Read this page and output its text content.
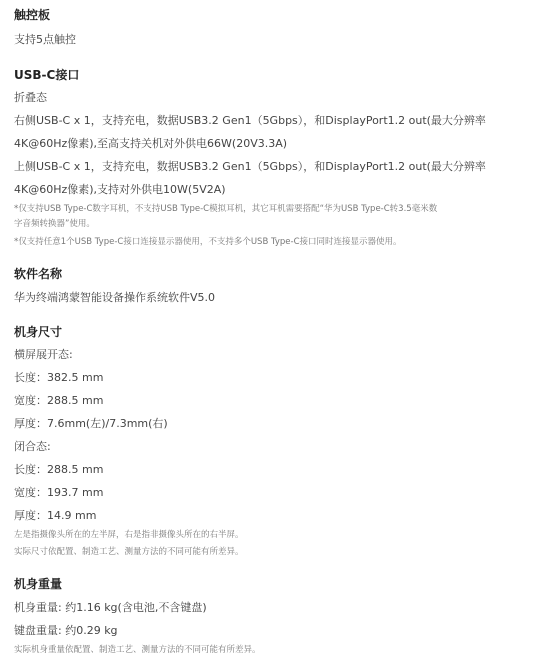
触控板
支持5点触控
USB-C接口
折叠态
右侧USB-C x 1，支持充电，数据USB3.2 Gen1（5Gbps），和DisplayPort1.2 out(最大分辨率
4K@60Hz像素),至高支持关机对外供电66W(20V3.3A)
上侧USB-C x 1，支持充电，数据USB3.2 Gen1（5Gbps），和DisplayPort1.2 out(最大分辨率
4K@60Hz像素),支持对外供电10W(5V2A)
*仅支持USB Type-C数字耳机，不支持USB Type-C模拟耳机，其它耳机需要搭配“华为USB Type-C转3.5毫米数
字音频转换器”使用。
*仅支持任意1个USB Type-C接口连接显示器使用，不支持多个USB Type-C接口同时连接显示器使用。
软件名称
华为终端鸿蒙智能设备操作系统软件V5.0
机身尺寸
横屏展开态:
长度：382.5 mm
宽度：288.5 mm
厚度：7.6mm(左)/7.3mm(右)
闭合态:
长度：288.5 mm
宽度：193.7 mm
厚度：14.9 mm
左是指摄像头所在的左半屏，右是指非摄像头所在的右半屏。
实际尺寸依配置、制造工艺、测量方法的不同可能有所差异。
机身重量
机身重量: 约1.16 kg(含电池,不含键盘)
键盘重量: 约0.29 kg
实际机身重量依配置、制造工艺、测量方法的不同可能有所差异。
